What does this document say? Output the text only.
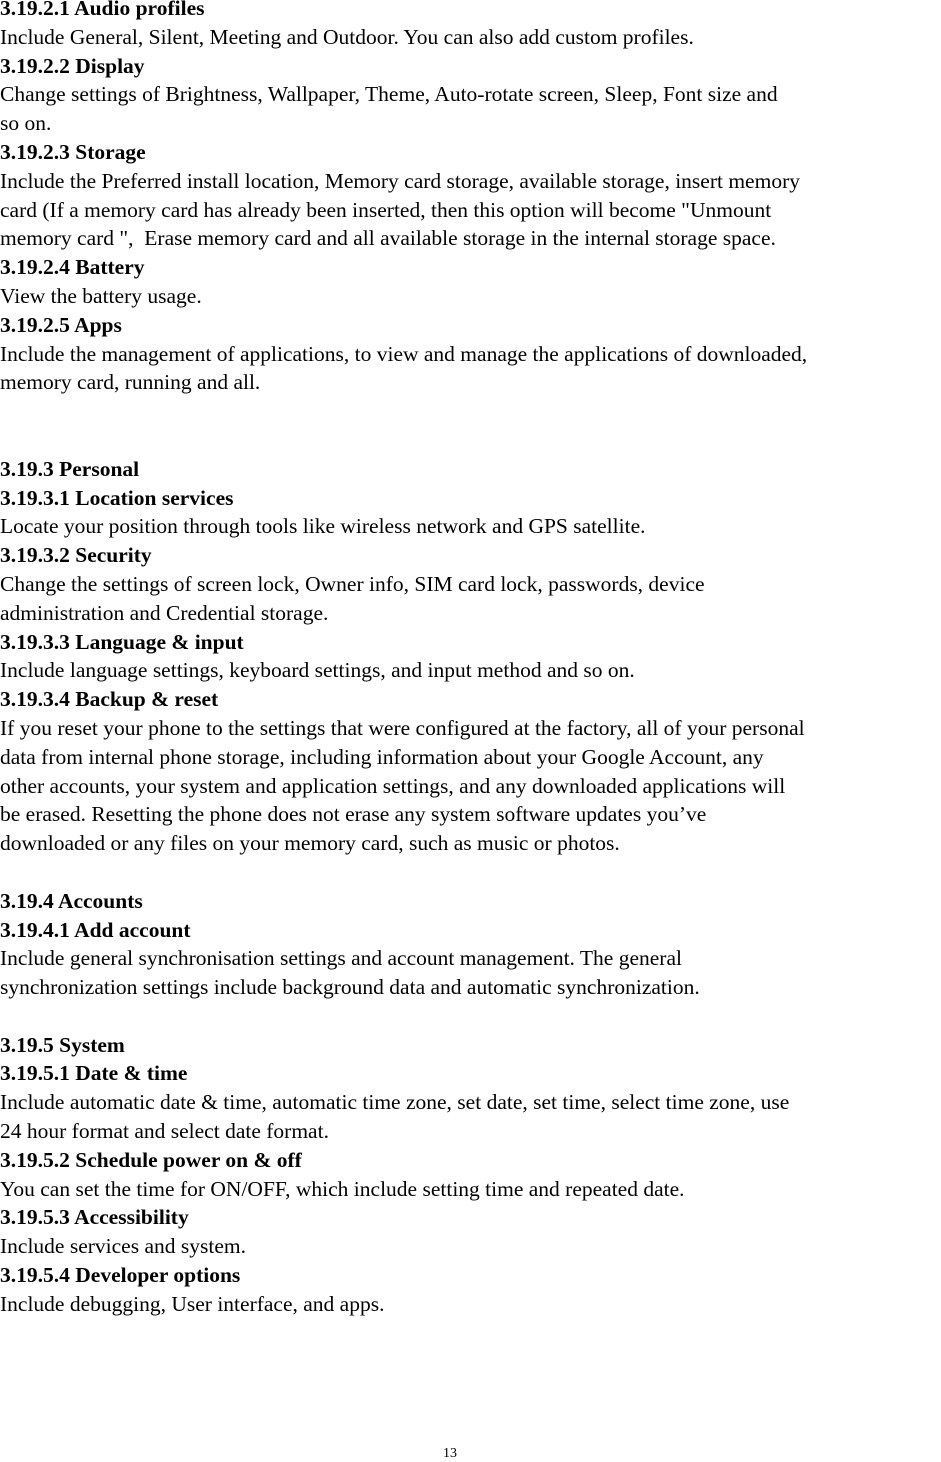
3.19.2.1 Audio profiles
Include General, Silent, Meeting and Outdoor. You can also add custom profiles.
3.19.2.2 Display
Change settings of Brightness, Wallpaper, Theme, Auto-rotate screen, Sleep, Font size and
so on.
3.19.2.3 Storage
Include the Preferred install location, Memory card storage, available storage, insert memory
card (If a memory card has already been inserted, then this option will become "Unmount
memory card ",  Erase memory card and all available storage in the internal storage space.
3.19.2.4 Battery
View the battery usage.
3.19.2.5 Apps
Include the management of applications, to view and manage the applications of downloaded,
memory card, running and all.
3.19.3 Personal
3.19.3.1 Location services
Locate your position through tools like wireless network and GPS satellite.
3.19.3.2 Security
Change the settings of screen lock, Owner info, SIM card lock, passwords, device
administration and Credential storage.
3.19.3.3 Language & input
Include language settings, keyboard settings, and input method and so on.
3.19.3.4 Backup & reset
If you reset your phone to the settings that were configured at the factory, all of your personal
data from internal phone storage, including information about your Google Account, any
other accounts, your system and application settings, and any downloaded applications will
be erased. Resetting the phone does not erase any system software updates you’ve
downloaded or any files on your memory card, such as music or photos.
3.19.4 Accounts
3.19.4.1 Add account
Include general synchronisation settings and account management. The general
synchronization settings include background data and automatic synchronization.
3.19.5 System
3.19.5.1 Date & time
Include automatic date & time, automatic time zone, set date, set time, select time zone, use
24 hour format and select date format.
3.19.5.2 Schedule power on & off
You can set the time for ON/OFF, which include setting time and repeated date.
3.19.5.3 Accessibility
Include services and system.
3.19.5.4 Developer options
Include debugging, User interface, and apps.
13
